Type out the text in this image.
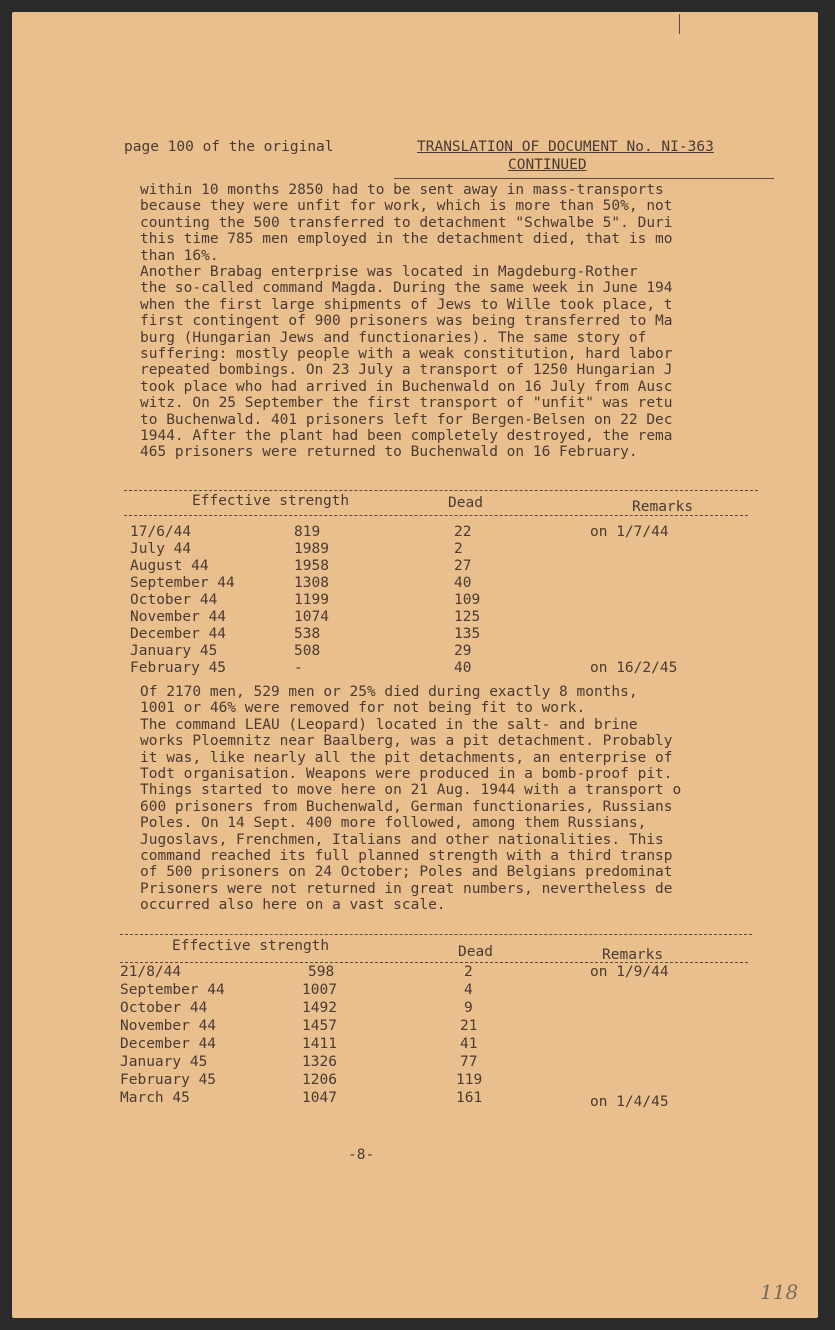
page 100 of the original	TRANSLATION OF DOCUMENT No. NI-363
CONTINUED
within 10 months 2850 had to be sent away in mass-transports
because they were unfit for work, which is more than 50%, not
counting the 500 transferred to detachment "Schwalbe 5". Duri
this time 785 men employed in the detachment died, that is mo
than 16%.
Another Brabag enterprise was located in Magdeburg-Rother
the so-called command Magda. During the same week in June 194
when the first large shipments of Jews to Wille took place, t
first contingent of 900 prisoners was being transferred to Ma
burg (Hungarian Jews and functionaries). The same story of
suffering: mostly people with a weak constitution, hard labor
repeated bombings. On 23 July a transport of 1250 Hungarian J
took place who had arrived in Buchenwald on 16 July from Ausc
witz. On 25 September the first transport of "unfit" was retu
to Buchenwald. 401 prisoners left for Bergen-Belsen on 22 Dec
1944. After the plant had been completely destroyed, the rema
465 prisoners were returned to Buchenwald on 16 February.
Effective strength	Dead	Remarks
17/6/44	819	22	on 1/7/44
July 44	1989	2
August 44	1958	27
September 44	1308	40
October 44	1199	109
November 44	1074	125
December 44	538	135
January 45	508	29
February 45	-	40	on 16/2/45
Of 2170 men, 529 men or 25% died during exactly 8 months,
1001 or 46% were removed for not being fit to work.
The command LEAU (Leopard) located in the salt- and brine
works Ploemnitz near Baalberg, was a pit detachment. Probably
it was, like nearly all the pit detachments, an enterprise of
Todt organisation. Weapons were produced in a bomb-proof pit.
Things started to move here on 21 Aug. 1944 with a transport o
600 prisoners from Buchenwald, German functionaries, Russians
Poles. On 14 Sept. 400 more followed, among them Russians,
Jugoslavs, Frenchmen, Italians and other nationalities. This
command reached its full planned strength with a third transp
of 500 prisoners on 24 October; Poles and Belgians predominat
Prisoners were not returned in great numbers, nevertheless de
occurred also here on a vast scale.
Effective strength	Dead	Remarks
21/8/44	598	2	on 1/9/44
September 44	1007	4
October 44	1492	9
November 44	1457	21
December 44	1411	41
January 45	1326	77
February 45	1206	119
March 45	1047	161	on 1/4/45
-8-
118
